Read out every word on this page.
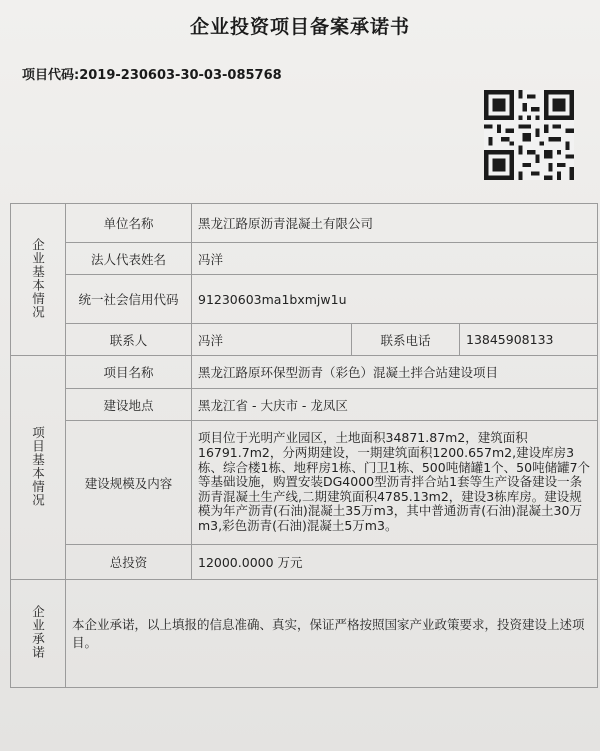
企业投资项目备案承诺书
项目代码:2019-230603-30-03-085768
企业基本情况	单位名称	黑龙江路原沥青混凝土有限公司		
	法人代表姓名	冯洋		
	统一社会信用代码	91230603ma1bxmjw1u		
	联系人	冯洋	联系电话	13845908133
项目基本情况	项目名称	黑龙江路原环保型沥青（彩色）混凝土拌合站建设项目		
	建设地点	黑龙江省 - 大庆市 - 龙凤区		
	建设规模及内容	项目位于光明产业园区，土地面积34871.87m2，建筑面积16791.7m2，分两期建设，一期建筑面积1200.657m2,建设库房3栋、综合楼1栋、地秤房1栋、门卫1栋、500吨储罐1个、50吨储罐7个等基础设施，购置安装DG4000型沥青拌合站1套等生产设备建设一条沥青混凝土生产线,二期建筑面积4785.13m2，建设3栋库房。建设规模为年产沥青(石油)混凝土35万m3，其中普通沥青(石油)混凝土30万m3,彩色沥青(石油)混凝土5万m3。		
	总投资	12000.0000 万元		
企业承诺	本企业承诺，以上填报的信息准确、真实，保证严格按照国家产业政策要求，投资建设上述项目。			
